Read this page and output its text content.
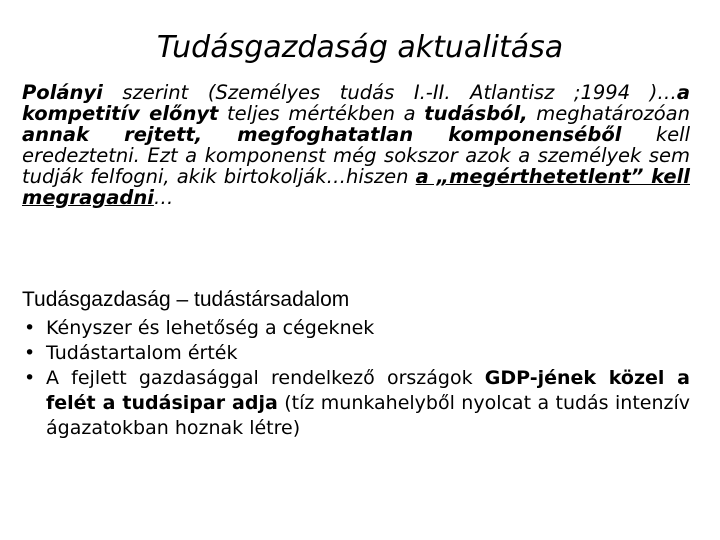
Tudásgazdaság aktualitása
Polányi szerint (Személyes tudás I.-II. Atlantisz ;1994 )…a kompetitív előnyt teljes mértékben a tudásból, meghatározóan annak rejtett, megfoghatatlan komponenséből kell eredeztetni. Ezt a komponenst még sokszor azok a személyek sem tudják felfogni, akik birtokolják…hiszen a „megérthetetlent” kell megragadni…
Tudásgazdaság – tudástársadalom
• Kényszer és lehetőség a cégeknek
• Tudástartalom érték
• A fejlett gazdasággal rendelkező országok GDP-jének közel a felét a tudásipar adja (tíz munkahelyből nyolcat a tudás intenzív ágazatokban hoznak létre)
